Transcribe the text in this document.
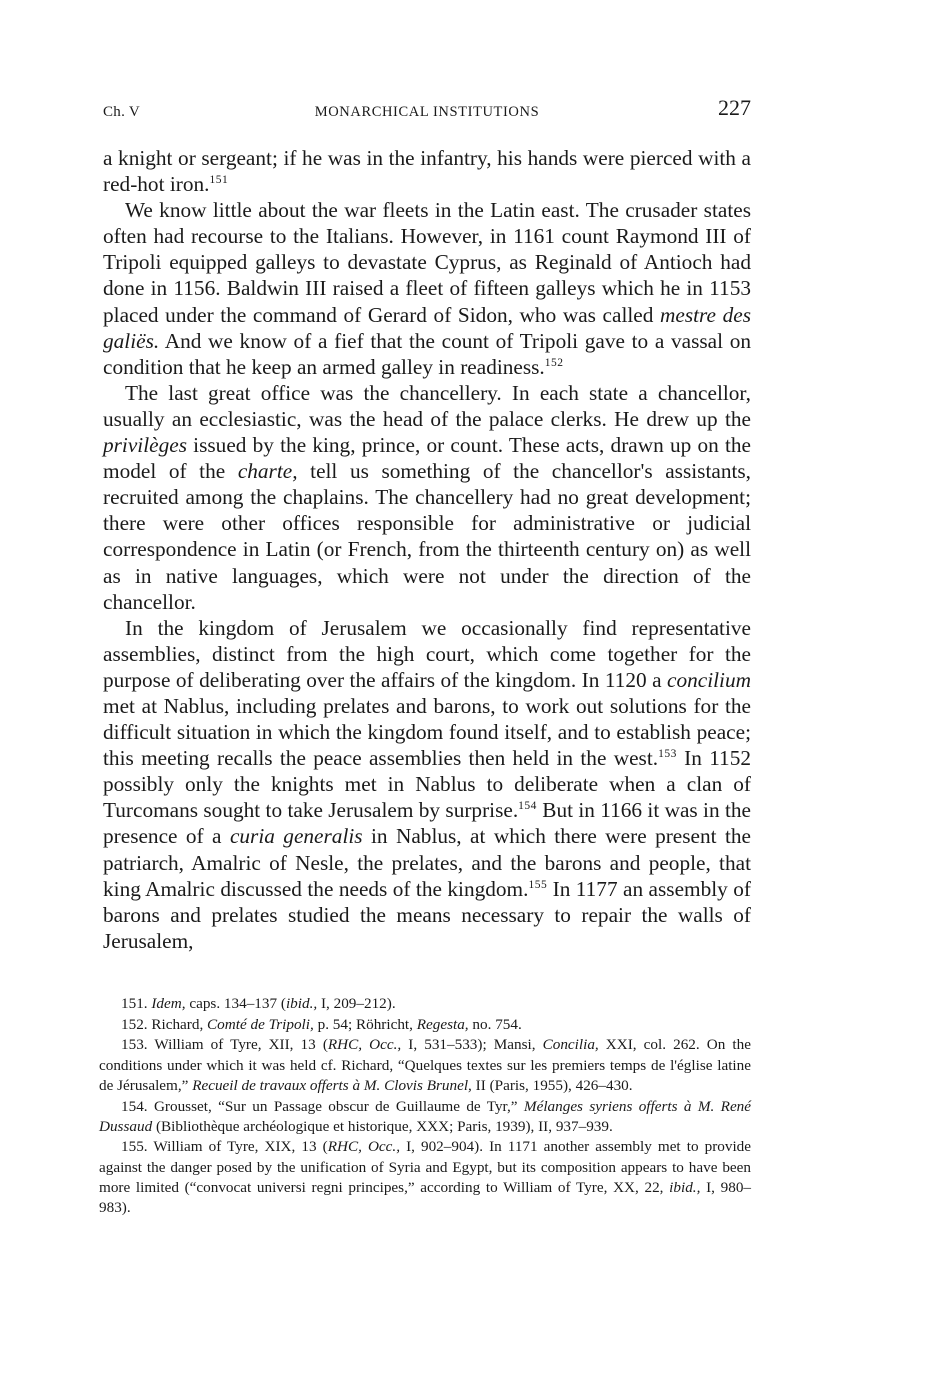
Ch. V	MONARCHICAL INSTITUTIONS	227

a knight or sergeant; if he was in the infantry, his hands were pierced with a red-hot iron.$^{151}$

We know little about the war fleets in the Latin east. The crusader states often had recourse to the Italians. However, in 1161 count Raymond III of Tripoli equipped galleys to devastate Cyprus, as Reginald of Antioch had done in 1156. Baldwin III raised a fleet of fifteen galleys which he in 1153 placed under the command of Gerard of Sidon, who was called mestre des galiës. And we know of a fief that the count of Tripoli gave to a vassal on condition that he keep an armed galley in readiness.$^{152}$

The last great office was the chancellery. In each state a chancellor, usually an ecclesiastic, was the head of the palace clerks. He drew up the privilèges issued by the king, prince, or count. These acts, drawn up on the model of the charte, tell us something of the chancellor's assistants, recruited among the chaplains. The chancellery had no great development; there were other offices responsible for administrative or judicial correspondence in Latin (or French, from the thirteenth century on) as well as in native languages, which were not under the direction of the chancellor.

In the kingdom of Jerusalem we occasionally find representative assemblies, distinct from the high court, which come together for the purpose of deliberating over the affairs of the kingdom. In 1120 a concilium met at Nablus, including prelates and barons, to work out solutions for the difficult situation in which the kingdom found itself, and to establish peace; this meeting recalls the peace assemblies then held in the west.$^{153}$ In 1152 possibly only the knights met in Nablus to deliberate when a clan of Turcomans sought to take Jerusalem by surprise.$^{154}$ But in 1166 it was in the presence of a curia generalis in Nablus, at which there were present the patriarch, Amalric of Nesle, the prelates, and the barons and people, that king Amalric discussed the needs of the kingdom.$^{155}$ In 1177 an assembly of barons and prelates studied the means necessary to repair the walls of Jerusalem,

151. Idem, caps. 134–137 (ibid., I, 209–212).

152. Richard, Comté de Tripoli, p. 54; Röhricht, Regesta, no. 754.

153. William of Tyre, XII, 13 (RHC, Occ., I, 531–533); Mansi, Concilia, XXI, col. 262. On the conditions under which it was held cf. Richard, “Quelques textes sur les premiers temps de l'église latine de Jérusalem,” Recueil de travaux offerts à M. Clovis Brunel, II (Paris, 1955), 426–430.

154. Grousset, “Sur un Passage obscur de Guillaume de Tyr,” Mélanges syriens offerts à M. René Dussaud (Bibliothèque archéologique et historique, XXX; Paris, 1939), II, 937–939.

155. William of Tyre, XIX, 13 (RHC, Occ., I, 902–904). In 1171 another assembly met to provide against the danger posed by the unification of Syria and Egypt, but its composition appears to have been more limited (“convocat universi regni principes,” according to William of Tyre, XX, 22, ibid., I, 980–983).
